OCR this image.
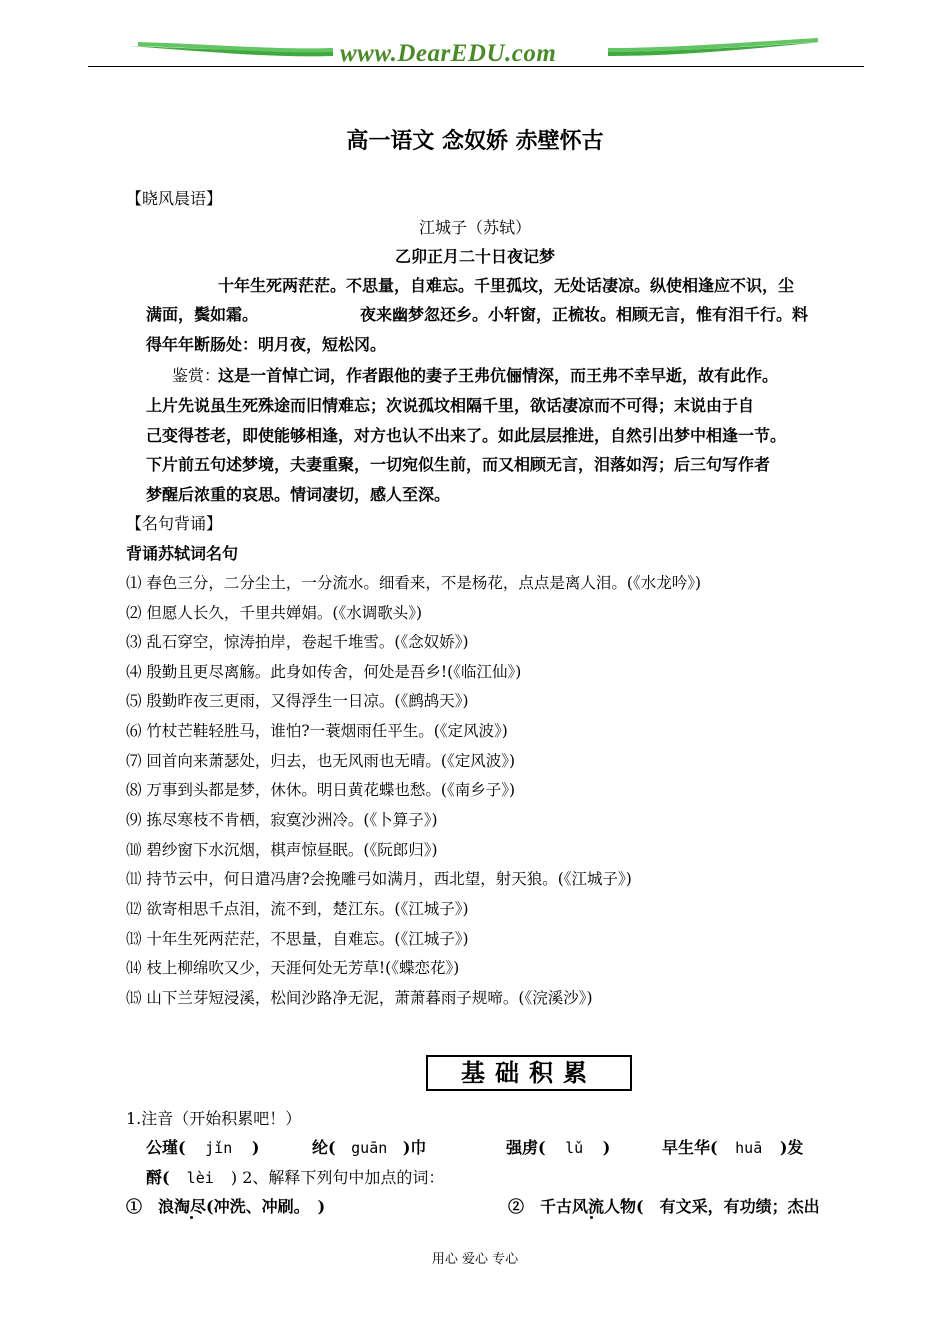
www.DearEDU.com
高一语文 念奴娇 赤壁怀古
【晓风晨语】
江城子（苏轼）
乙卯正月二十日夜记梦
十年生死两茫茫。不思量，自难忘。千里孤坟，无处话凄凉。纵使相逢应不识，尘
满面，鬓如霜。	夜来幽梦忽还乡。小轩窗，正梳妆。相顾无言，惟有泪千行。料
得年年断肠处：明月夜，短松冈。
鉴赏：
这是一首悼亡词，作者跟他的妻子王弗伉俪情深，而王弗不幸早逝，故有此作。
上片先说虽生死殊途而旧情难忘；次说孤坟相隔千里，欲话凄凉而不可得；末说由于自
己变得苍老，即使能够相逢，对方也认不出来了。如此层层推进，自然引出梦中相逢一节。
下片前五句述梦境，夫妻重聚，一切宛似生前，而又相顾无言，泪落如泻；后三句写作者
梦醒后浓重的哀思。情词凄切，感人至深。
【名句背诵】
背诵苏轼词名句
⑴ 春色三分，二分尘土，一分流水。细看来，不是杨花，点点是离人泪。(《水龙吟》)
⑵ 但愿人长久，千里共婵娟。(《水调歌头》)
⑶ 乱石穿空，惊涛拍岸，卷起千堆雪。(《念奴娇》)
⑷ 殷勤且更尽离觞。此身如传舍，何处是吾乡!(《临江仙》)
⑸ 殷勤昨夜三更雨，又得浮生一日凉。(《鹧鸪天》)
⑹ 竹杖芒鞋轻胜马，谁怕?一蓑烟雨任平生。(《定风波》)
⑺ 回首向来萧瑟处，归去，也无风雨也无晴。(《定风波》)
⑻ 万事到头都是梦，休休。明日黄花蝶也愁。(《南乡子》)
⑼ 拣尽寒枝不肯栖，寂寞沙洲冷。(《卜算子》)
⑽ 碧纱窗下水沉烟，棋声惊昼眠。(《阮郎归》)
⑾ 持节云中，何日遣冯唐?会挽雕弓如满月，西北望，射天狼。(《江城子》)
⑿ 欲寄相思千点泪，流不到，楚江东。(《江城子》)
⒀ 十年生死两茫茫，不思量，自难忘。(《江城子》)
⒁ 枝上柳绵吹又少，天涯何处无芳草!(《蝶恋花》)
⒂ 山下兰芽短浸溪，松间沙路净无泥，萧萧暮雨子规啼。(《浣溪沙》)
基础积累
1.注音（开始积累吧！）
公瑾( jǐn )	纶( guān )巾	强虏( lǔ )	早生华( huā )发
酹( lèi ) 2、解释下列句中加点的词：
①　浪淘尽(冲洗、冲刷。　)	②　千古风流人物(　有文采，有功绩；杰出
用心 爱心 专心
